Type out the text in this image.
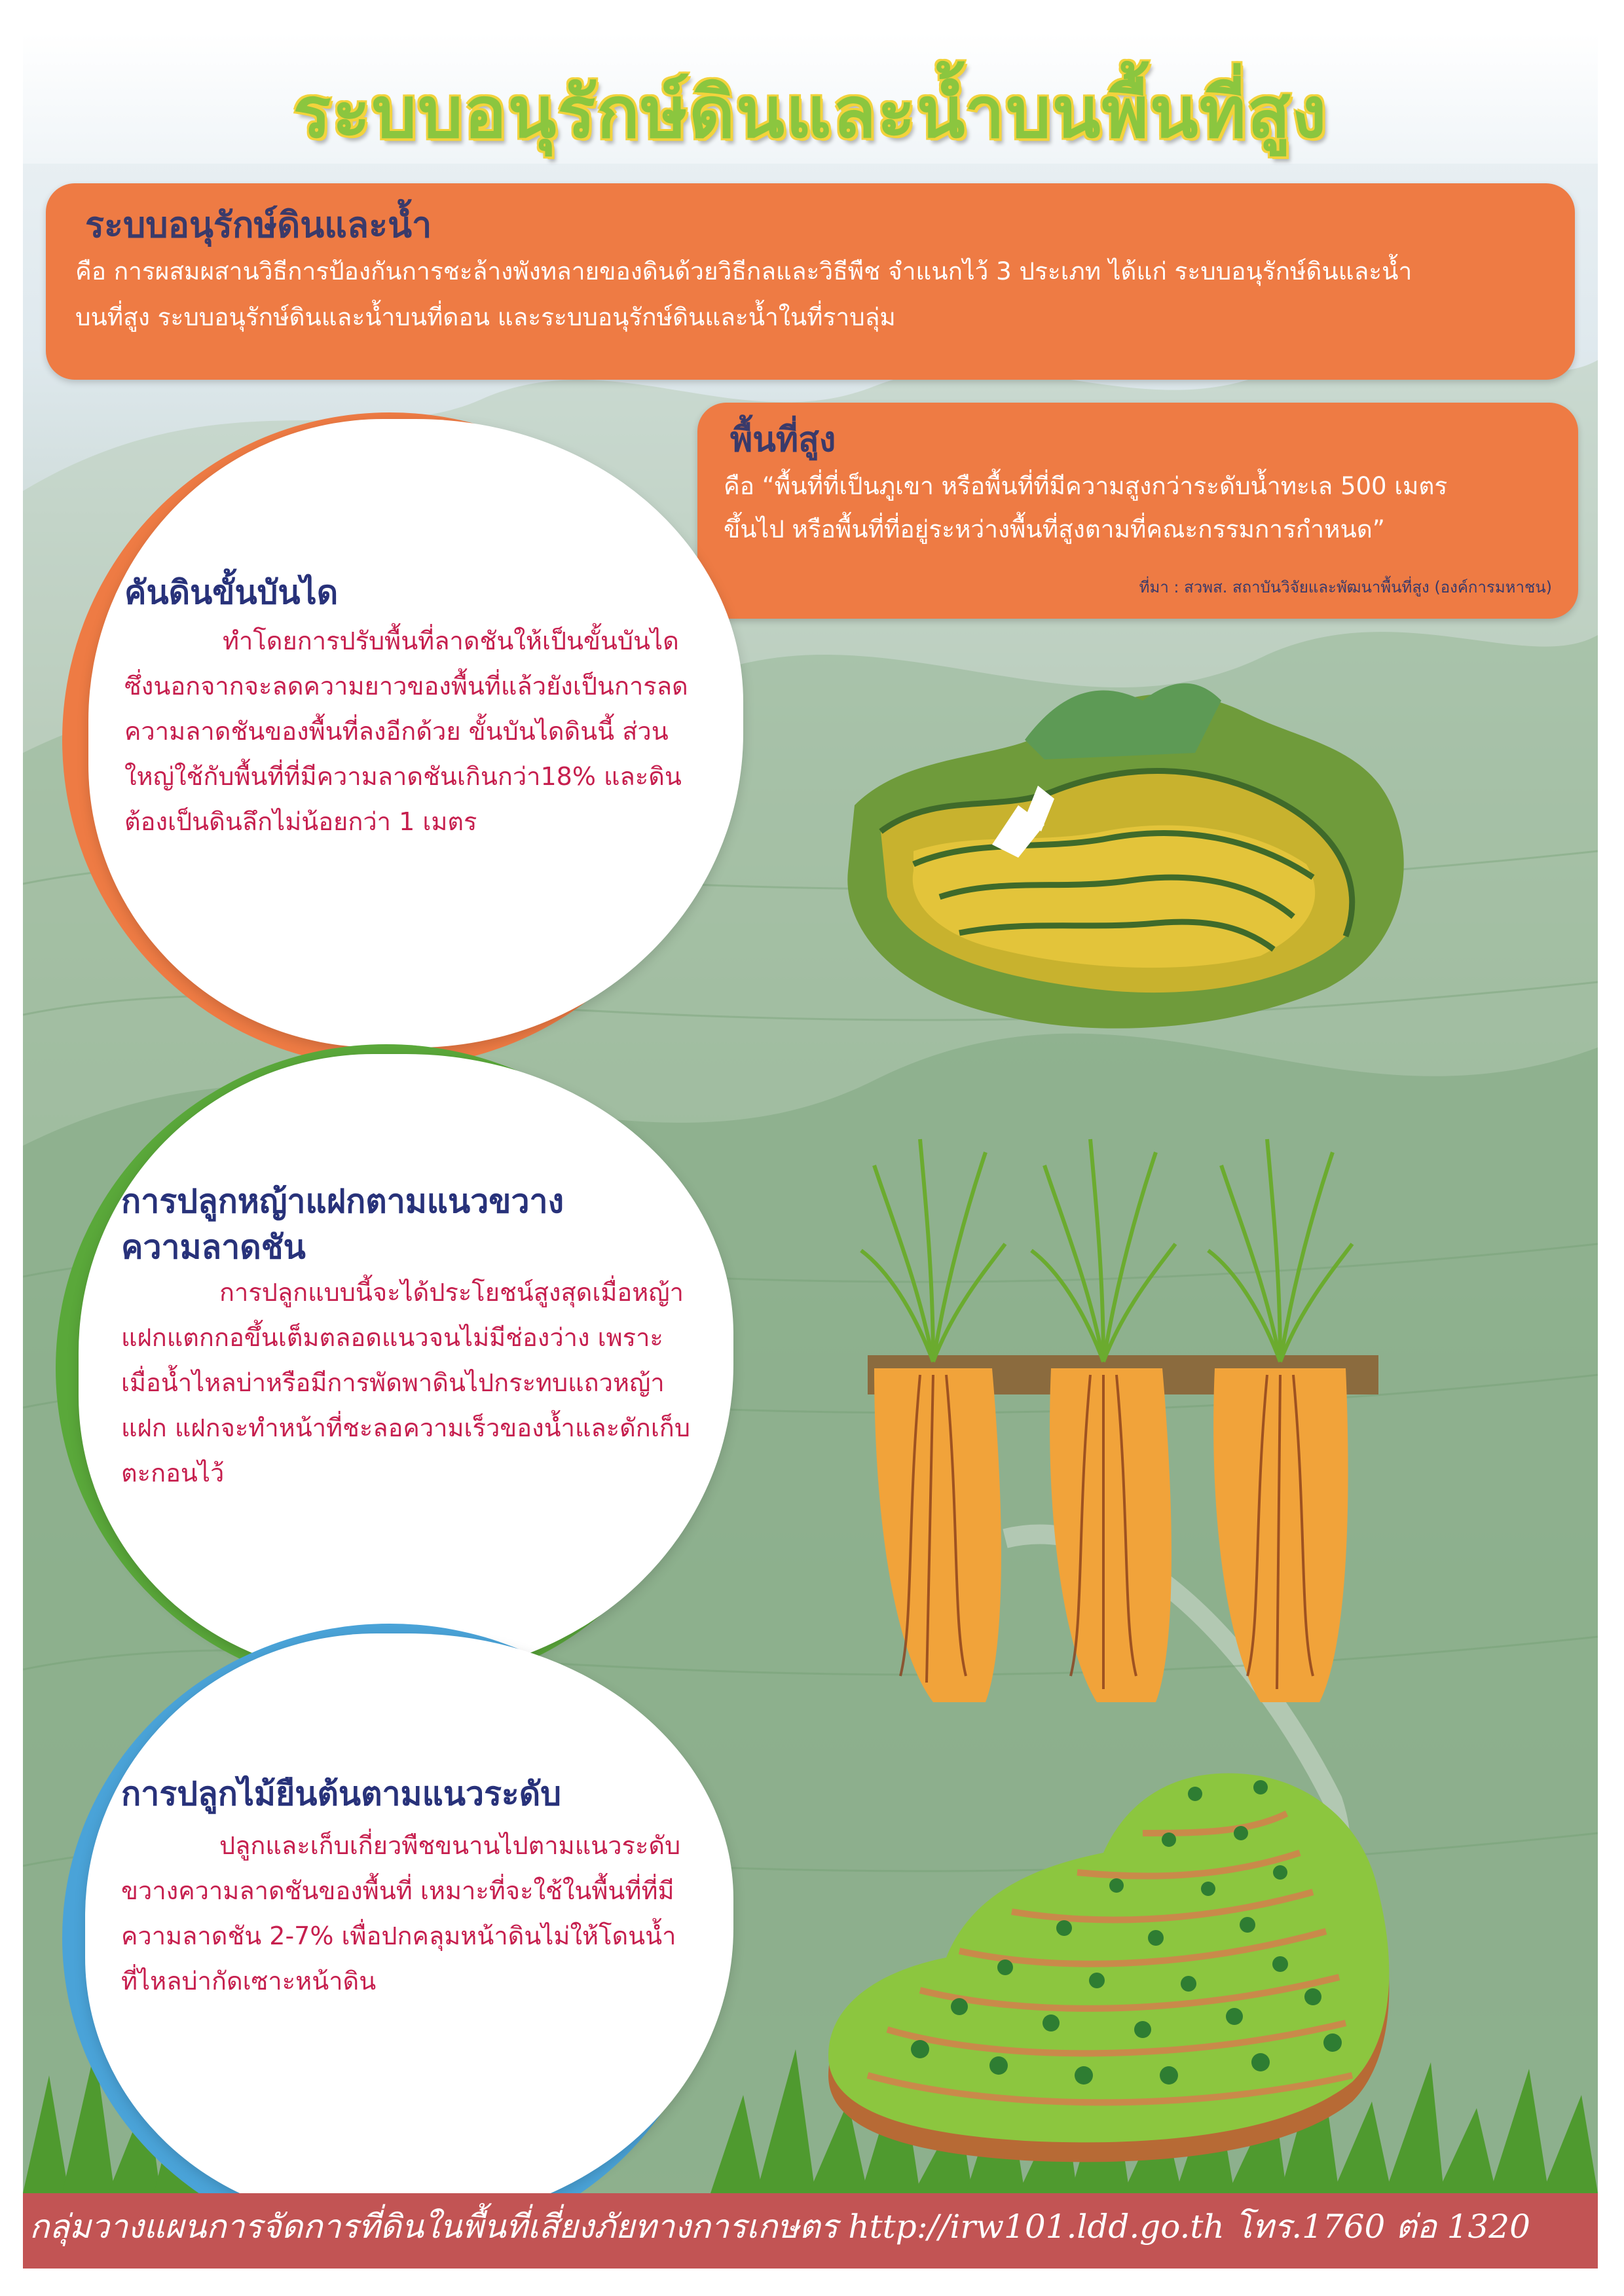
ระบบอนุรักษ์ดินและน้ำบนพื้นที่สูง
ระบบอนุรักษ์ดินและน้ำ
คือ การผสมผสานวิธีการป้องกันการชะล้างพังทลายของดินด้วยวิธีกลและวิธีพืช จำแนกไว้ 3 ประเภท ได้แก่ ระบบอนุรักษ์ดินและน้ำ
บนที่สูง ระบบอนุรักษ์ดินและน้ำบนที่ดอน และระบบอนุรักษ์ดินและน้ำในที่ราบลุ่ม
พื้นที่สูง
คือ “พื้นที่ที่เป็นภูเขา หรือพื้นที่ที่มีความสูงกว่าระดับน้ำทะเล 500 เมตร
ขึ้นไป หรือพื้นที่ที่อยู่ระหว่างพื้นที่สูงตามที่คณะกรรมการกำหนด”
ที่มา : สวพส. สถาบันวิจัยและพัฒนาพื้นที่สูง (องค์การมหาชน)
คันดินขั้นบันได
ทำโดยการปรับพื้นที่ลาดชันให้เป็นขั้นบันได ซึ่งนอกจากจะลดความยาวของพื้นที่แล้วยังเป็นการลดความลาดชันของพื้นที่ลงอีกด้วย ขั้นบันไดดินนี้ ส่วนใหญ่ใช้กับพื้นที่ที่มีความลาดชันเกินกว่า18% และดินต้องเป็นดินลึกไม่น้อยกว่า 1 เมตร
การปลูกหญ้าแฝกตามแนวขวางความลาดชัน
การปลูกแบบนี้จะได้ประโยชน์สูงสุดเมื่อหญ้าแฝกแตกกอขึ้นเต็มตลอดแนวจนไม่มีช่องว่าง เพราะเมื่อน้ำไหลบ่าหรือมีการพัดพาดินไปกระทบแถวหญ้าแฝก แฝกจะทำหน้าที่ชะลอความเร็วของน้ำและดักเก็บตะกอนไว้
การปลูกไม้ยืนต้นตามแนวระดับ
ปลูกและเก็บเกี่ยวพืชขนานไปตามแนวระดับ ขวางความลาดชันของพื้นที่ เหมาะที่จะใช้ในพื้นที่ที่มีความลาดชัน 2-7% เพื่อปกคลุมหน้าดินไม่ให้โดนน้ำที่ไหลบ่ากัดเซาะหน้าดิน
กลุ่มวางแผนการจัดการที่ดินในพื้นที่เสี่ยงภัยทางการเกษตร http://irw101.ldd.go.th โทร.1760 ต่อ 1320
